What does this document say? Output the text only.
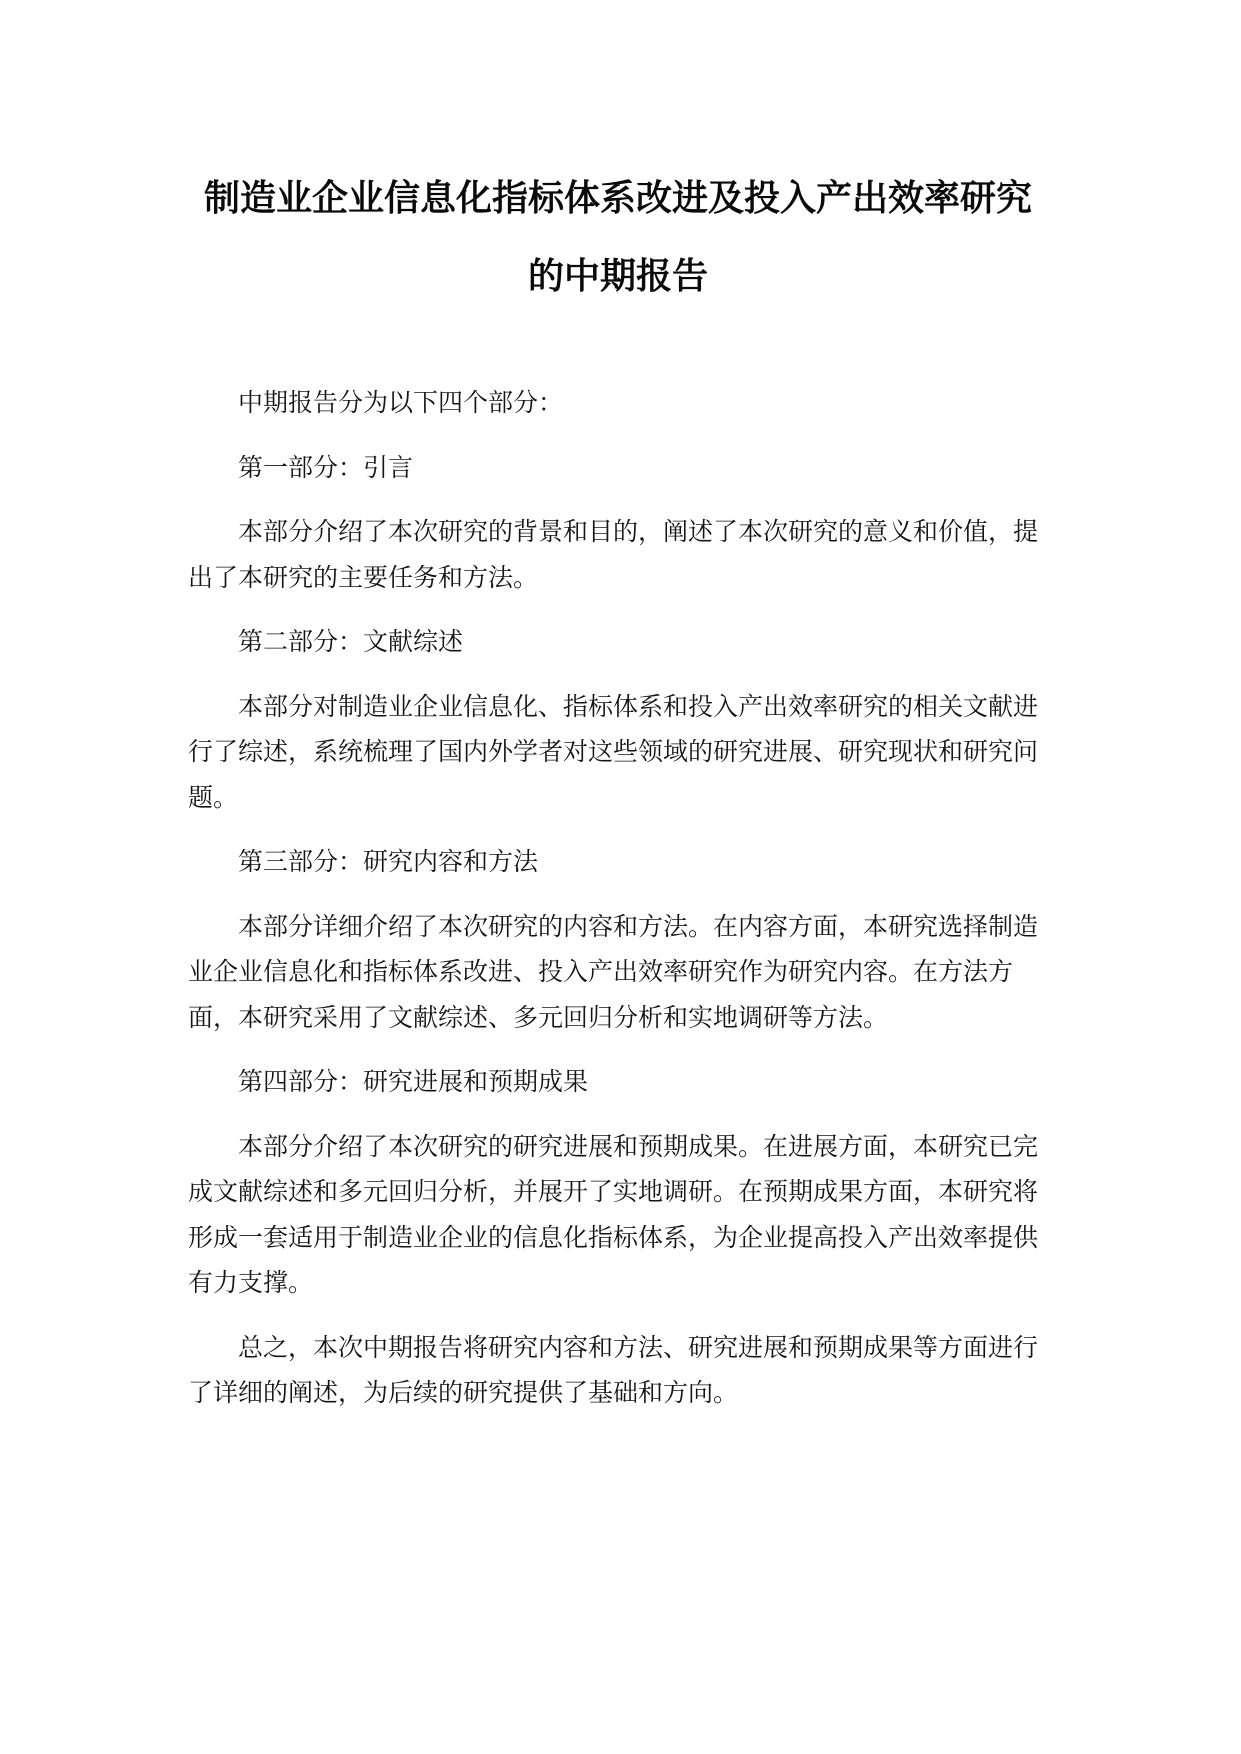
制造业企业信息化指标体系改进及投入产出效率研究的中期报告

中期报告分为以下四个部分：

第一部分：引言

本部分介绍了本次研究的背景和目的，阐述了本次研究的意义和价值，提出了本研究的主要任务和方法。

第二部分：文献综述

本部分对制造业企业信息化、指标体系和投入产出效率研究的相关文献进行了综述，系统梳理了国内外学者对这些领域的研究进展、研究现状和研究问题。

第三部分：研究内容和方法

本部分详细介绍了本次研究的内容和方法。在内容方面，本研究选择制造业企业信息化和指标体系改进、投入产出效率研究作为研究内容。在方法方面，本研究采用了文献综述、多元回归分析和实地调研等方法。

第四部分：研究进展和预期成果

本部分介绍了本次研究的研究进展和预期成果。在进展方面，本研究已完成文献综述和多元回归分析，并展开了实地调研。在预期成果方面，本研究将形成一套适用于制造业企业的信息化指标体系，为企业提高投入产出效率提供有力支撑。

总之，本次中期报告将研究内容和方法、研究进展和预期成果等方面进行了详细的阐述，为后续的研究提供了基础和方向。
